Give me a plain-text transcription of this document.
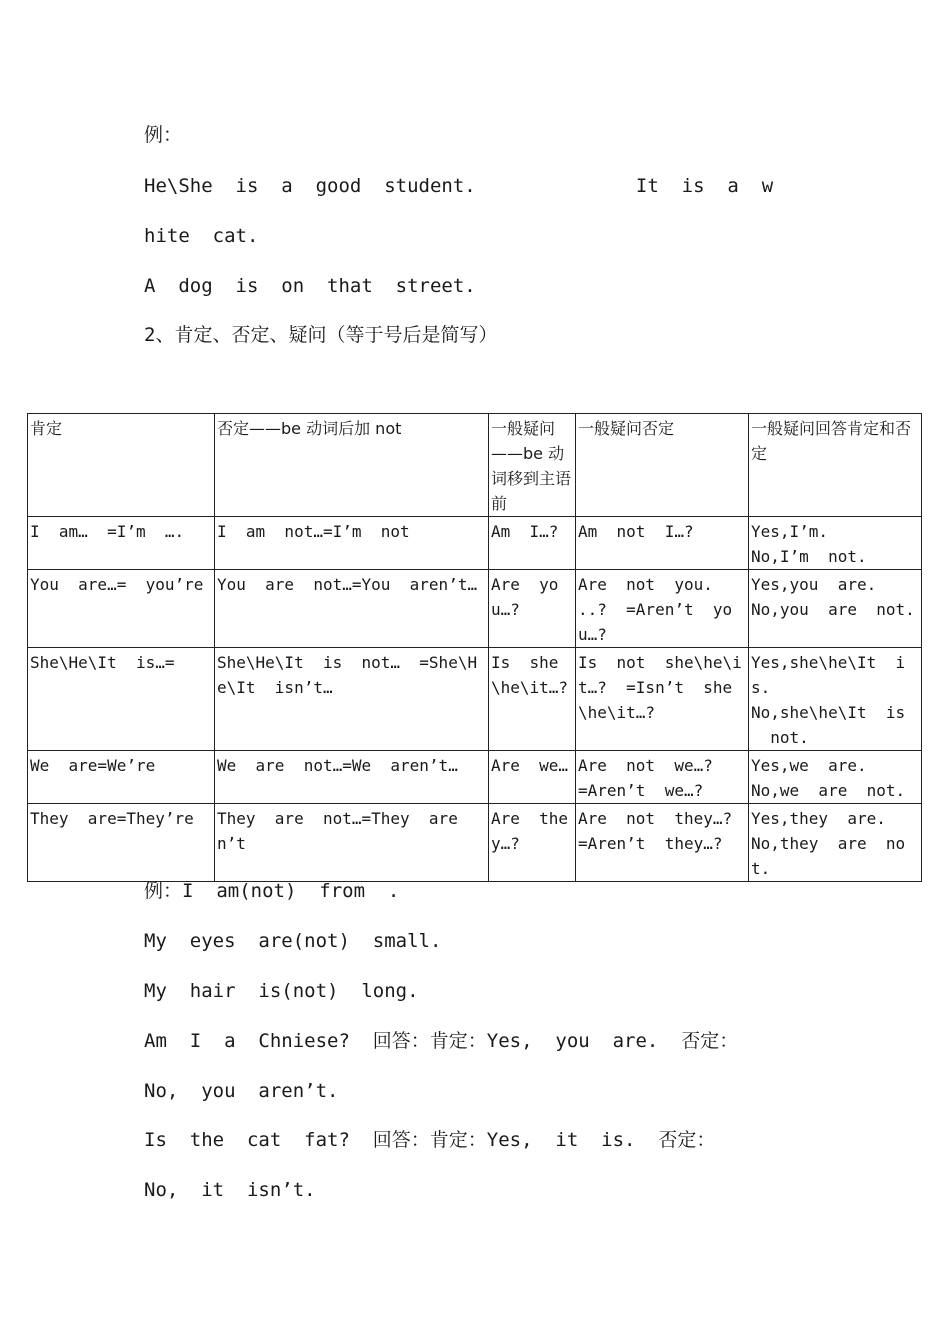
例：

He\She  is  a  good  student.              It  is  a  w

hite  cat.

A  dog  is  on  that  street.

2、肯定、否定、疑问（等于号后是简写）

肯定	否定——be 动词后加 not	一般疑问——be 动词移到主语前	一般疑问否定	一般疑问回答肯定和否定
I  am…  =I’m  ….	I  am  not…=I’m  not	Am  I…?	Am  not  I…?	Yes,I’m.
No,I’m  not.
You  are…=  you’re	You  are  not…=You  aren’t…	Are  you…?	Are  not  you.  ..?  =Aren’t  you…?	Yes,you  are.
No,you  are  not.
She\He\It  is…=	She\He\It  is  not…  =She\He\It  isn’t…	Is  she\he\it…?	Is  not  she\he\it…?  =Isn’t  she\he\it…?	Yes,she\he\It  is.
No,she\he\It  is
not.
We  are=We’re	We  are  not…=We  aren’t…	Are  we…	Are  not  we…?
=Aren’t  we…?	Yes,we  are.
No,we  are  not.
They  are=They’re	They  are  not…=They  aren’t	Are  they…?	Are  not  they…?
=Aren’t  they…?	Yes,they  are.
No,they  are  not.

例：I  am(not)  from  .

My  eyes  are(not)  small.

My  hair  is(not)  long.

Am  I  a  Chniese?  回答：肯定：Yes,  you  are.  否定：

No,  you  aren’t.

Is  the  cat  fat?  回答：肯定：Yes,  it  is.  否定：

No,  it  isn’t.
